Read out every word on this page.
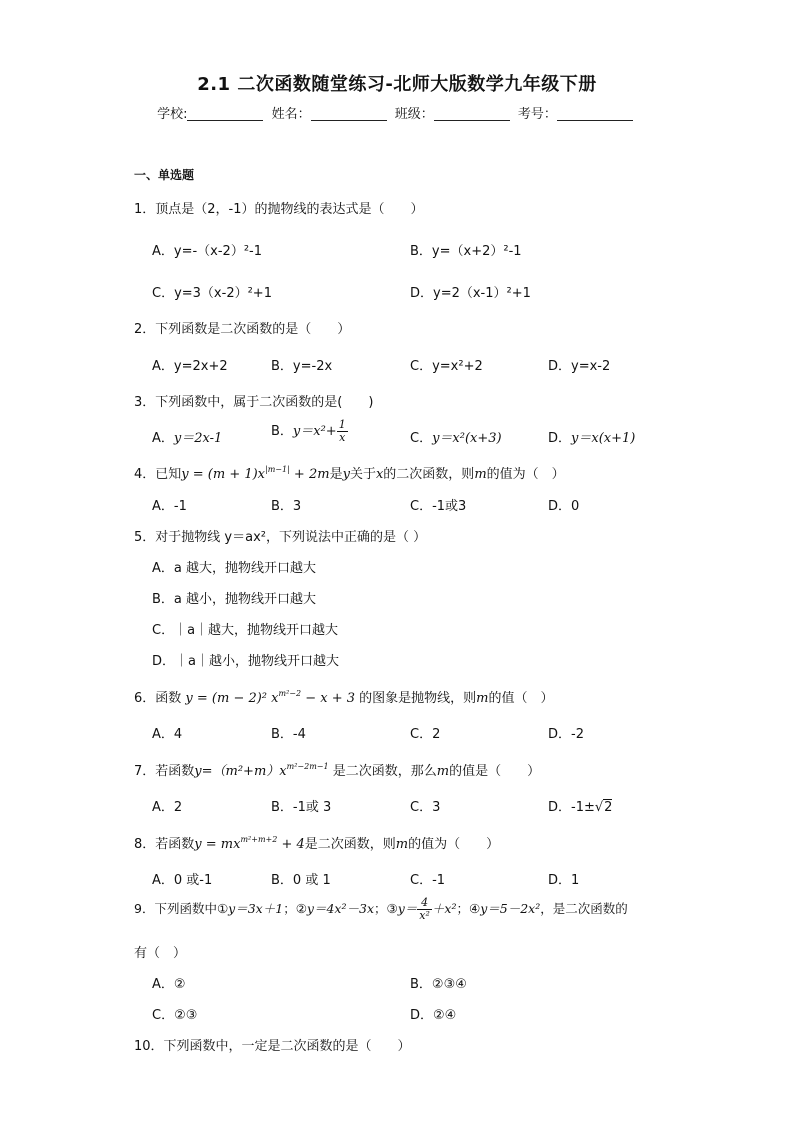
2.1 二次函数随堂练习-北师大版数学九年级下册
学校:	姓名：	班级：	考号：
一、单选题
1．顶点是（2，-1）的抛物线的表达式是（　　）
A．y=-（x-2）²-1	B．y=（x+2）²-1
C．y=3（x-2）²+1	D．y=2（x-1）²+1
2．下列函数是二次函数的是（　　）
A．y=2x+2	B．y=-2x	C．y=x²+2	D．y=x-2
3．下列函数中，属于二次函数的是(　　)
A．y＝2x-1	B．$y=x^2+ \frac{1}{x}$	C．y＝x²(x+3)	D．y＝x(x+1)
4．已知$y = (m + 1)x^{|m-1|} + 2m$是y关于x的二次函数，则m的值为（　）
A．-1	B．3	C．-1或3	D．0
5．对于抛物线 y＝ax²，下列说法中正确的是（ ）
A．a 越大，抛物线开口越大
B．a 越小，抛物线开口越大
C．｜a｜越大，抛物线开口越大
D．｜a｜越小，抛物线开口越大
6．函数 y = (m − 2)² $x^{m^2-2} - x + 3$ 的图象是抛物线，则m的值（　）
A．4	B．-4	C．2	D．-2
7．若函数$y=(m^2+m)x^{m^2-2m-1}$ 是二次函数，那么m的值是（　　）
A．2	B．-1或 3	C．3	D．-1±√2
8．若函数$y = mx^{m^2+m+2} + 4$是二次函数，则m的值为（　　）
A．0 或-1	B．0 或 1	C．-1	D．1
9．下列函数中①y＝3x＋1；②y＝4x²－3x；③y＝ $\frac{4}{\text{x²}} +x^2$；④y＝5－2x²，是二次函数的
有（　）
A．②	B．②③④
C．②③	D．②④
10．下列函数中，一定是二次函数的是（　　）
